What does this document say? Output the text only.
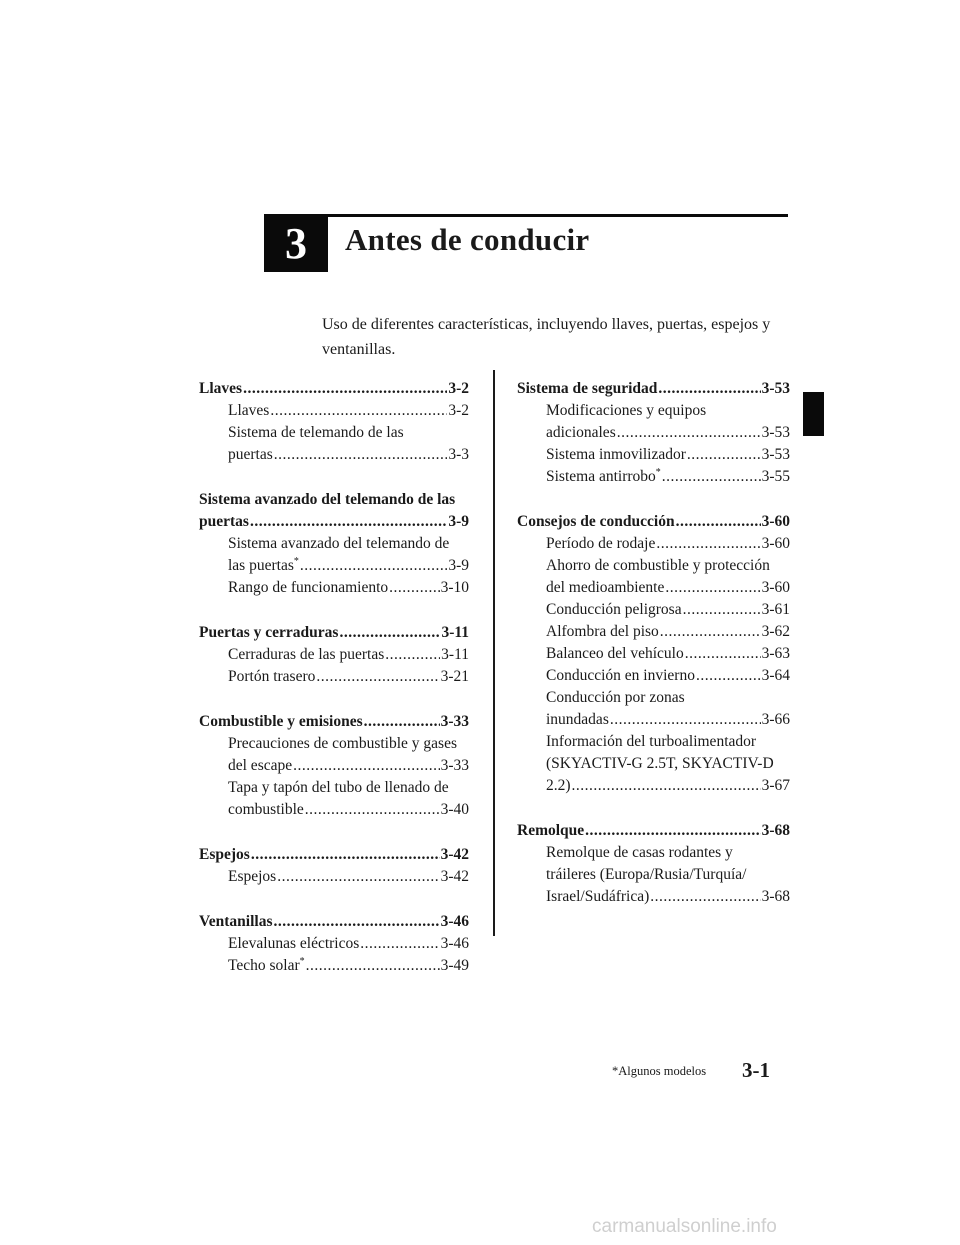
3 Antes de conducir
Uso de diferentes características, incluyendo llaves, puertas, espejos y ventanillas.
Llaves .....	3-2
Llaves .....	3-2
Sistema de telemando de las
puertas .....	3-3
Sistema avanzado del telemando de las
puertas .....	3-9
Sistema avanzado del telemando de
las puertas* .....	3-9
Rango de funcionamiento .....	3-10
Puertas y cerraduras .....	3-11
Cerraduras de las puertas .....	3-11
Portón trasero .....	3-21
Combustible y emisiones .....	3-33
Precauciones de combustible y gases
del escape .....	3-33
Tapa y tapón del tubo de llenado de
combustible .....	3-40
Espejos .....	3-42
Espejos .....	3-42
Ventanillas .....	3-46
Elevalunas eléctricos .....	3-46
Techo solar* .....	3-49
Sistema de seguridad .....	3-53
Modificaciones y equipos
adicionales .....	3-53
Sistema inmovilizador .....	3-53
Sistema antirrobo* .....	3-55
Consejos de conducción .....	3-60
Período de rodaje .....	3-60
Ahorro de combustible y protección
del medioambiente .....	3-60
Conducción peligrosa .....	3-61
Alfombra del piso .....	3-62
Balanceo del vehículo .....	3-63
Conducción en invierno .....	3-64
Conducción por zonas
inundadas .....	3-66
Información del turboalimentador
(SKYACTIV-G 2.5T, SKYACTIV-D
2.2) .....	3-67
Remolque .....	3-68
Remolque de casas rodantes y
tráileres (Europa/Rusia/Turquía/
Israel/Sudáfrica) .....	3-68
*Algunos modelos 3-1
carmanualsonline.info
